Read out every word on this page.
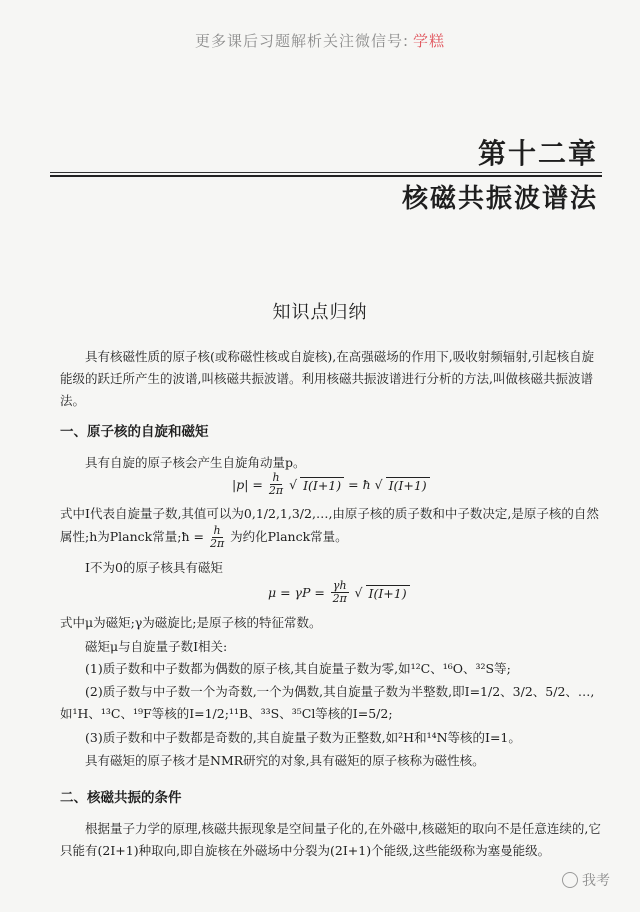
更多课后习题解析关注微信号: 学糕
第十二章
核磁共振波谱法
知识点归纳
具有核磁性质的原子核(或称磁性核或自旋核),在高强磁场的作用下,吸收射频辐射,引起核自旋能级的跃迁所产生的波谱,叫核磁共振波谱。利用核磁共振波谱进行分析的方法,叫做核磁共振波谱法。
一、原子核的自旋和磁矩
具有自旋的原子核会产生自旋角动量p。
$|p| = \frac{h}{2\pi}$ √ I(I+1) = ħ √ I(I+1)
式中I代表自旋量子数,其值可以为0,1/2,1,3/2,…,由原子核的质子数和中子数决定,是原子核的自然属性;h为Planck常量;ħ = $\frac{h}{2\pi}$ 为约化Planck常量。
I不为0的原子核具有磁矩
$\mu = \gamma P = \frac{\gamma h}{2\pi}$ √ I(I+1)
式中μ为磁矩;γ为磁旋比;是原子核的特征常数。
磁矩μ与自旋量子数I相关:
(1)质子数和中子数都为偶数的原子核,其自旋量子数为零,如¹²C、¹⁶O、³²S等;
(2)质子数与中子数一个为奇数,一个为偶数,其自旋量子数为半整数,即I=1/2、3/2、5/2、…,如¹H、¹³C、¹⁹F等核的I=1/2;¹¹B、³³S、³⁵Cl等核的I=5/2;
(3)质子数和中子数都是奇数的,其自旋量子数为正整数,如²H和¹⁴N等核的I=1。
具有磁矩的原子核才是NMR研究的对象,具有磁矩的原子核称为磁性核。
二、核磁共振的条件
根据量子力学的原理,核磁共振现象是空间量子化的,在外磁中,核磁矩的取向不是任意连续的,它只能有(2I+1)种取向,即自旋核在外磁场中分裂为(2I+1)个能级,这些能级称为塞曼能级。
我考
